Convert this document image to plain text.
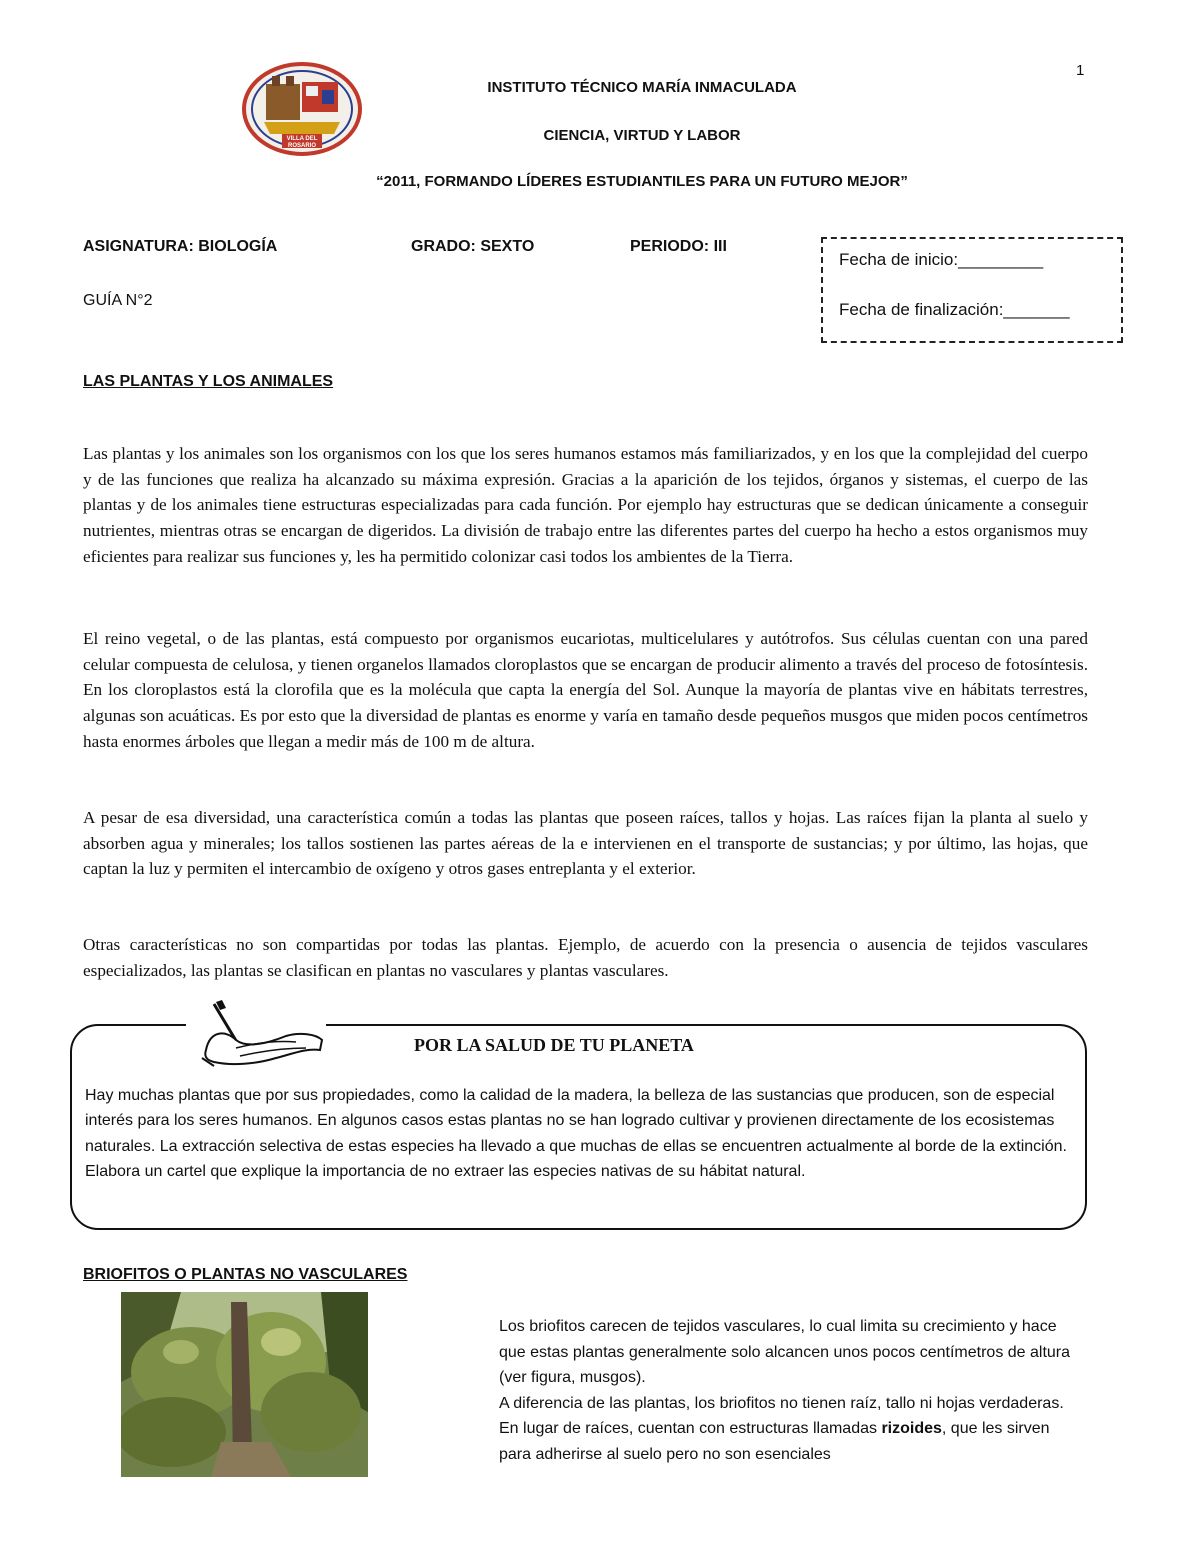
1
VILLA DEL
ROSARIO
INSTITUTO TÉCNICO MARÍA INMACULADA
CIENCIA, VIRTUD Y LABOR
“2011, FORMANDO LÍDERES ESTUDIANTILES PARA UN FUTURO MEJOR”
ASIGNATURA: BIOLOGÍA	GRADO: SEXTO	PERIODO: III
GUÍA N°2
Fecha de inicio:_________
Fecha de finalización:_______
LAS PLANTAS Y LOS ANIMALES

Las plantas y los animales son los organismos con los que los seres humanos estamos más familiarizados, y en los que la complejidad del cuerpo y de las funciones que realiza ha alcanzado su máxima expresión. Gracias a la aparición de los tejidos, órganos y sistemas, el cuerpo de las plantas y de los animales tiene estructuras especializadas para cada función. Por ejemplo hay estructuras que se dedican únicamente a conseguir nutrientes, mientras otras se encargan de digeridos. La división de trabajo entre las diferentes partes del cuerpo ha hecho a estos organismos muy eficientes para realizar sus funciones y, les ha permitido colonizar casi todos los ambientes de la Tierra.

El reino vegetal, o de las plantas, está compuesto por organismos eucariotas, multicelulares y autótrofos. Sus células cuentan con una pared celular compuesta de celulosa, y tienen organelos llamados cloroplastos que se encargan de producir alimento a través del proceso de fotosíntesis. En los cloroplastos está la clorofila que es la molécula que capta la energía del Sol. Aunque la mayoría de plantas vive en hábitats terrestres, algunas son acuáticas. Es por esto que la diversidad de plantas es enorme y varía en tamaño desde pequeños musgos que miden pocos centímetros hasta enormes árboles que llegan a medir más de 100 m de altura.

A pesar de esa diversidad, una característica común a todas las plantas que poseen raíces, tallos y hojas. Las raíces fijan la planta al suelo y absorben agua y minerales; los tallos sostienen las partes aéreas de la e intervienen en el transporte de sustancias; y por último, las hojas, que captan la luz y permiten el intercambio de oxígeno y otros gases entreplanta y el exterior.

Otras características no son compartidas por todas las plantas. Ejemplo, de acuerdo con la presencia o ausencia de tejidos vasculares especializados, las plantas se clasifican en plantas no vasculares y plantas vasculares.

POR LA SALUD DE TU PLANETA

Hay muchas plantas que por sus propiedades, como la calidad de la madera, la belleza de las sustancias que producen, son de especial interés para los seres humanos. En algunos casos estas plantas no se han logrado cultivar y provienen directamente de los ecosistemas naturales. La extracción selectiva de estas especies ha llevado a que muchas de ellas se encuentren actualmente al borde de la extinción. Elabora un cartel que explique la importancia de no extraer las especies nativas de su hábitat natural.

BRIOFITOS O PLANTAS NO VASCULARES
Los briofitos carecen de tejidos vasculares, lo cual limita su crecimiento y hace que estas plantas generalmente solo alcancen unos pocos centímetros de altura (ver figura, musgos).
A diferencia de las plantas, los briofitos no tienen raíz, tallo ni hojas verdaderas. En lugar de raíces, cuentan con estructuras llamadas rizoides, que les sirven para adherirse al suelo pero no son esenciales
